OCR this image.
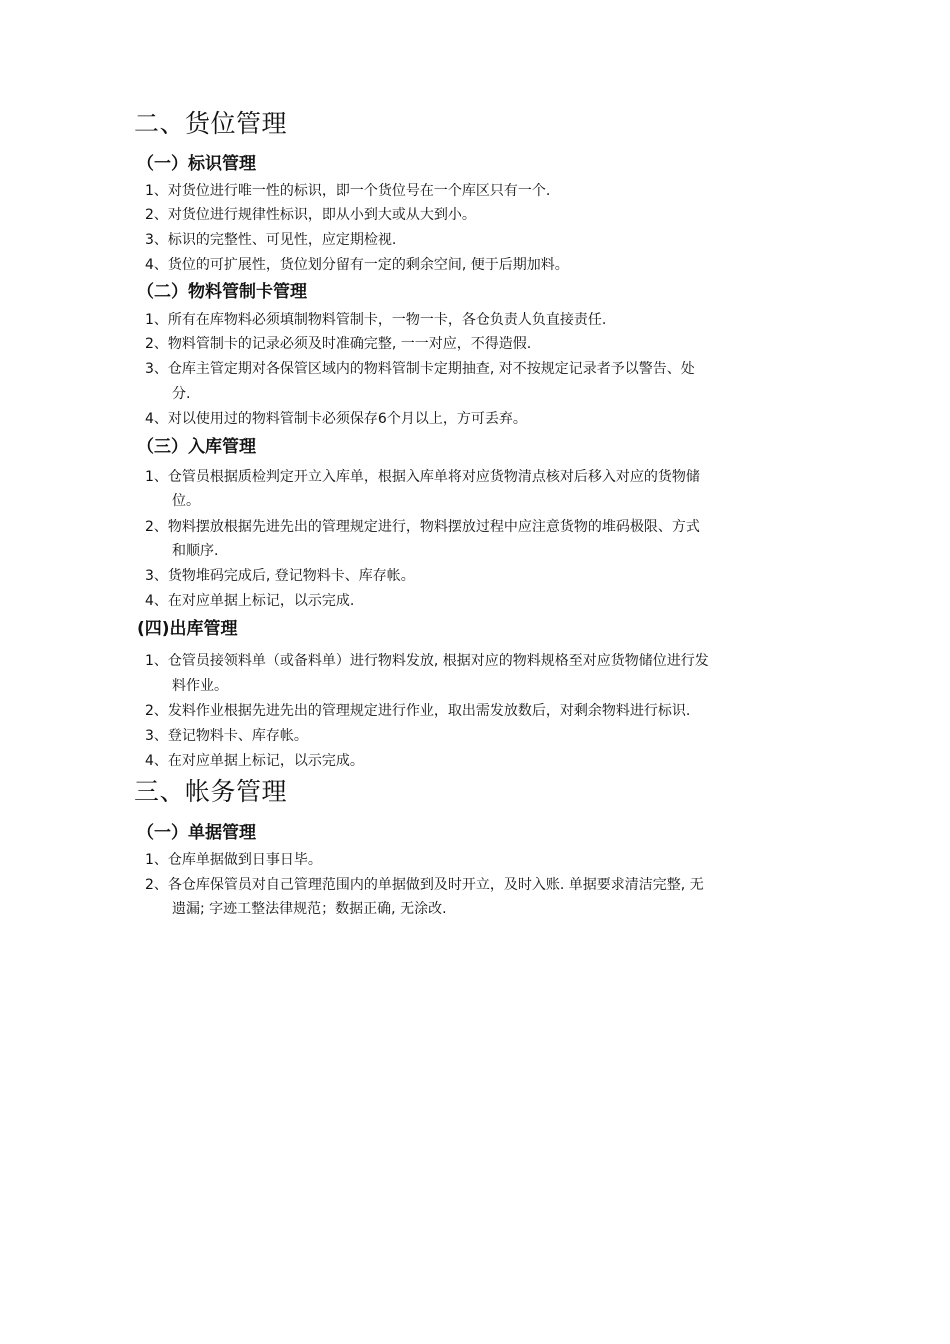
二、货位管理
（一）标识管理
1、对货位进行唯一性的标识，即一个货位号在一个库区只有一个.
2、对货位进行规律性标识，即从小到大或从大到小。
3、标识的完整性、可见性，应定期检视.
4、货位的可扩展性，货位划分留有一定的剩余空间, 便于后期加料。
（二）物料管制卡管理
1、所有在库物料必须填制物料管制卡，一物一卡，各仓负责人负直接责任.
2、物料管制卡的记录必须及时准确完整, 一一对应，不得造假.
3、仓库主管定期对各保管区域内的物料管制卡定期抽查, 对不按规定记录者予以警告、处
分.
4、对以使用过的物料管制卡必须保存6个月以上，方可丢弃。
（三）入库管理
1、仓管员根据质检判定开立入库单，根据入库单将对应货物清点核对后移入对应的货物储
位。
2、物料摆放根据先进先出的管理规定进行，物料摆放过程中应注意货物的堆码极限、方式
和顺序.
3、货物堆码完成后, 登记物料卡、库存帐。
4、在对应单据上标记，以示完成.
(四)出库管理
1、仓管员接领料单（或备料单）进行物料发放, 根据对应的物料规格至对应货物储位进行发
料作业。
2、发料作业根据先进先出的管理规定进行作业，取出需发放数后，对剩余物料进行标识.
3、登记物料卡、库存帐。
4、在对应单据上标记，以示完成。
三、帐务管理
（一）单据管理
1、仓库单据做到日事日毕。
2、各仓库保管员对自己管理范围内的单据做到及时开立，及时入账. 单据要求清洁完整, 无
遗漏; 字迹工整法律规范；数据正确, 无涂改.
